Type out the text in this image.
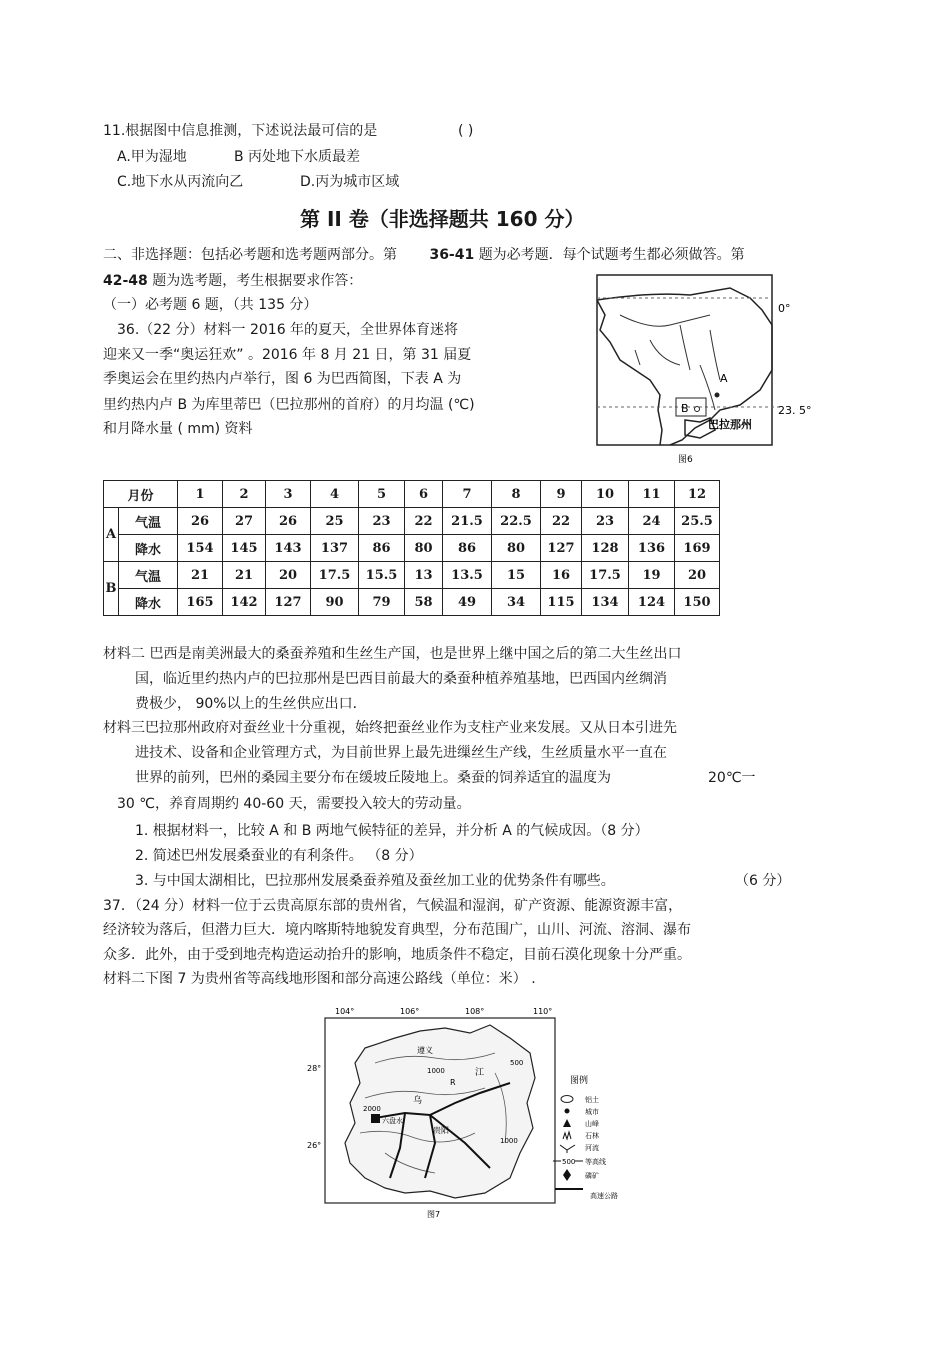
11.根据图中信息推测，下述说法最可信的是	( )
A.甲为湿地	B 丙处地下水质最差
C.地下水从丙流向乙	D.丙为城市区域
第 II 卷（非选择题共 160 分）
二、非选择题：包括必考题和选考题两部分。第 36-41 题为必考题．每个试题考生都必须做答。第
42-48 题为选考题，考生根据要求作答：
（一）必考题 6 题，（共 135 分）
36.（22 分）材料一 2016 年的夏天，全世界体育迷将
迎来又一季“奥运狂欢” 。2016 年 8 月 21 日，第 31 届夏
季奥运会在里约热内卢举行，图 6 为巴西简图，下表 A 为
里约热内卢 B 为库里蒂巴（巴拉那州的首府）的月均温 (℃)
和月降水量 ( mm) 资料
A
B
0°
23. 5°
巴拉那州
图6
月份		1	2	3	4	5	6	7	8	9	10	11	12
A	气温	26	27	26	25	23	22	21.5	22.5	22	23	24	25.5
	降水	154	145	143	137	86	80	86	80	127	128	136	169
B	气温	21	21	20	17.5	15.5	13	13.5	15	16	17.5	19	20
	降水	165	142	127	90	79	58	49	34	115	134	124	150
材料二 巴西是南美洲最大的桑蚕养殖和生丝生产国，也是世界上继中国之后的第二大生丝出口
国，临近里约热内卢的巴拉那州是巴西目前最大的桑蚕种植养殖基地，巴西国内丝绸消
费极少， 90%以上的生丝供应出口．
材料三巴拉那州政府对蚕丝业十分重视，始终把蚕丝业作为支柱产业来发展。又从日本引进先
进技术、设备和企业管理方式，为目前世界上最先进缫丝生产线，生丝质量水平一直在
世界的前列，巴州的桑园主要分布在缓坡丘陵地上。桑蚕的饲养适宜的温度为	20℃一
30 ℃，养育周期约 40-60 天，需要投入较大的劳动量。
1. 根据材料一，比较 A 和 B 两地气候特征的差异，并分析 A 的气候成因。（8 分）
2. 简述巴州发展桑蚕业的有利条件。 （8 分）
3. 与中国太湖相比，巴拉那州发展桑蚕养殖及蚕丝加工业的优势条件有哪些。	（6 分）
37．（24 分）材料一位于云贵高原东部的贵州省，气候温和湿润，矿产资源、能源资源丰富，
经济较为落后，但潜力巨大．境内喀斯特地貌发育典型，分布范围广，山川、河流、溶洞、瀑布
众多．此外，由于受到地壳构造运动抬升的影响，地质条件不稳定，目前石漠化现象十分严重。
材料二下图 7 为贵州省等高线地形图和部分高速公路线（单位：米） .
104°	106°	108°	110°
28°
26°
六盘水
遵义
贵阳
江
乌
R
1000
2000
500
1000
图例
铝土
城市
山峰
石林
河流
500 等高线
磷矿
高速公路
图7
